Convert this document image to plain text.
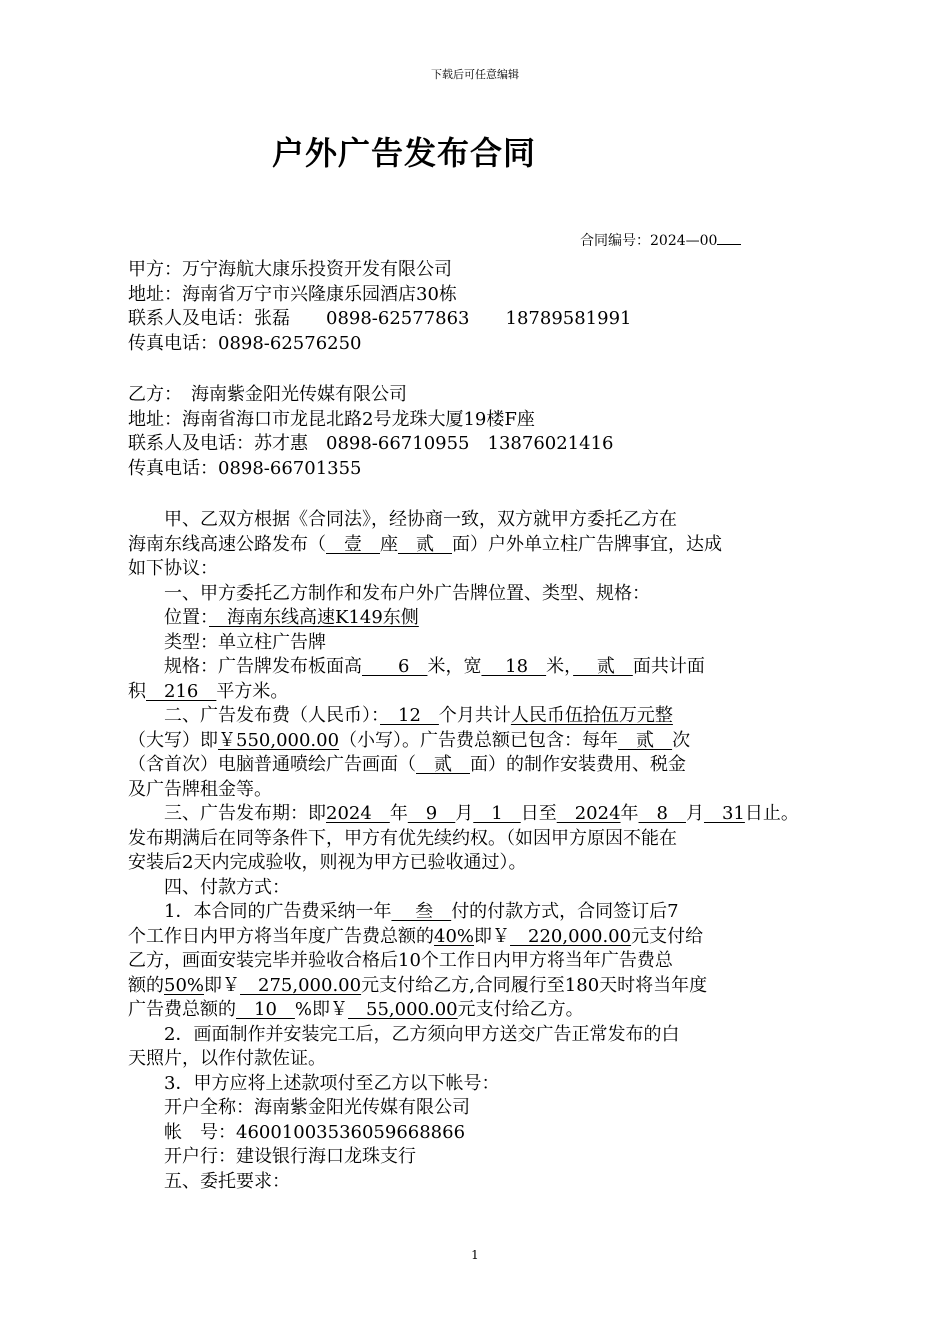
下载后可任意编辑
户外广告发布合同
合同编号：2024—00
甲方：万宁海航大康乐投资开发有限公司
地址：海南省万宁市兴隆康乐园酒店30栋
联系人及电话：张磊　　0898-62577863　　18789581991
传真电话：0898-62576250
乙方：　海南紫金阳光传媒有限公司
地址：海南省海口市龙昆北路2号龙珠大厦19楼F座
联系人及电话：苏才惠　0898-66710955　13876021416
传真电话：0898-66701355
甲、乙双方根据《合同法》，经协商一致，双方就甲方委托乙方在
海南东线高速公路发布（　壹　座　贰　面）户外单立柱广告牌事宜，达成
如下协议：
一、甲方委托乙方制作和发布户外广告牌位置、类型、规格：
位置：　海南东线高速K149东侧
类型：单立柱广告牌
规格：广告牌发布板面高　　6　米，宽　 18　米，　 贰　面共计面
积　216　平方米。
二、广告发布费（人民币）：　12　个月共计人民币伍拾伍万元整
（大写）即￥550,000.00（小写）。广告费总额已包含：每年　贰　次
（含首次）电脑普通喷绘广告画面（　贰　面）的制作安装费用、税金
及广告牌租金等。
三、广告发布期：即2024　年　9　月　1　日至　2024年　8　月　31日止。
发布期满后在同等条件下，甲方有优先续约权。（如因甲方原因不能在
安装后2天内完成验收，则视为甲方已验收通过）。
四、付款方式：
1．本合同的广告费采纳一年　 叁　付的付款方式，合同签订后7
个工作日内甲方将当年度广告费总额的40%即￥　220,000.00元支付给
乙方，画面安装完毕并验收合格后10个工作日内甲方将当年广告费总
额的50%即￥　275,000.00元支付给乙方,合同履行至180天时将当年度
广告费总额的　10　%即￥　55,000.00元支付给乙方。
2．画面制作并安装完工后，乙方须向甲方送交广告正常发布的白
天照片，以作付款佐证。
3．甲方应将上述款项付至乙方以下帐号：
开户全称：海南紫金阳光传媒有限公司
帐　号：46001003536059668866
开户行：建设银行海口龙珠支行
五、委托要求：
1
